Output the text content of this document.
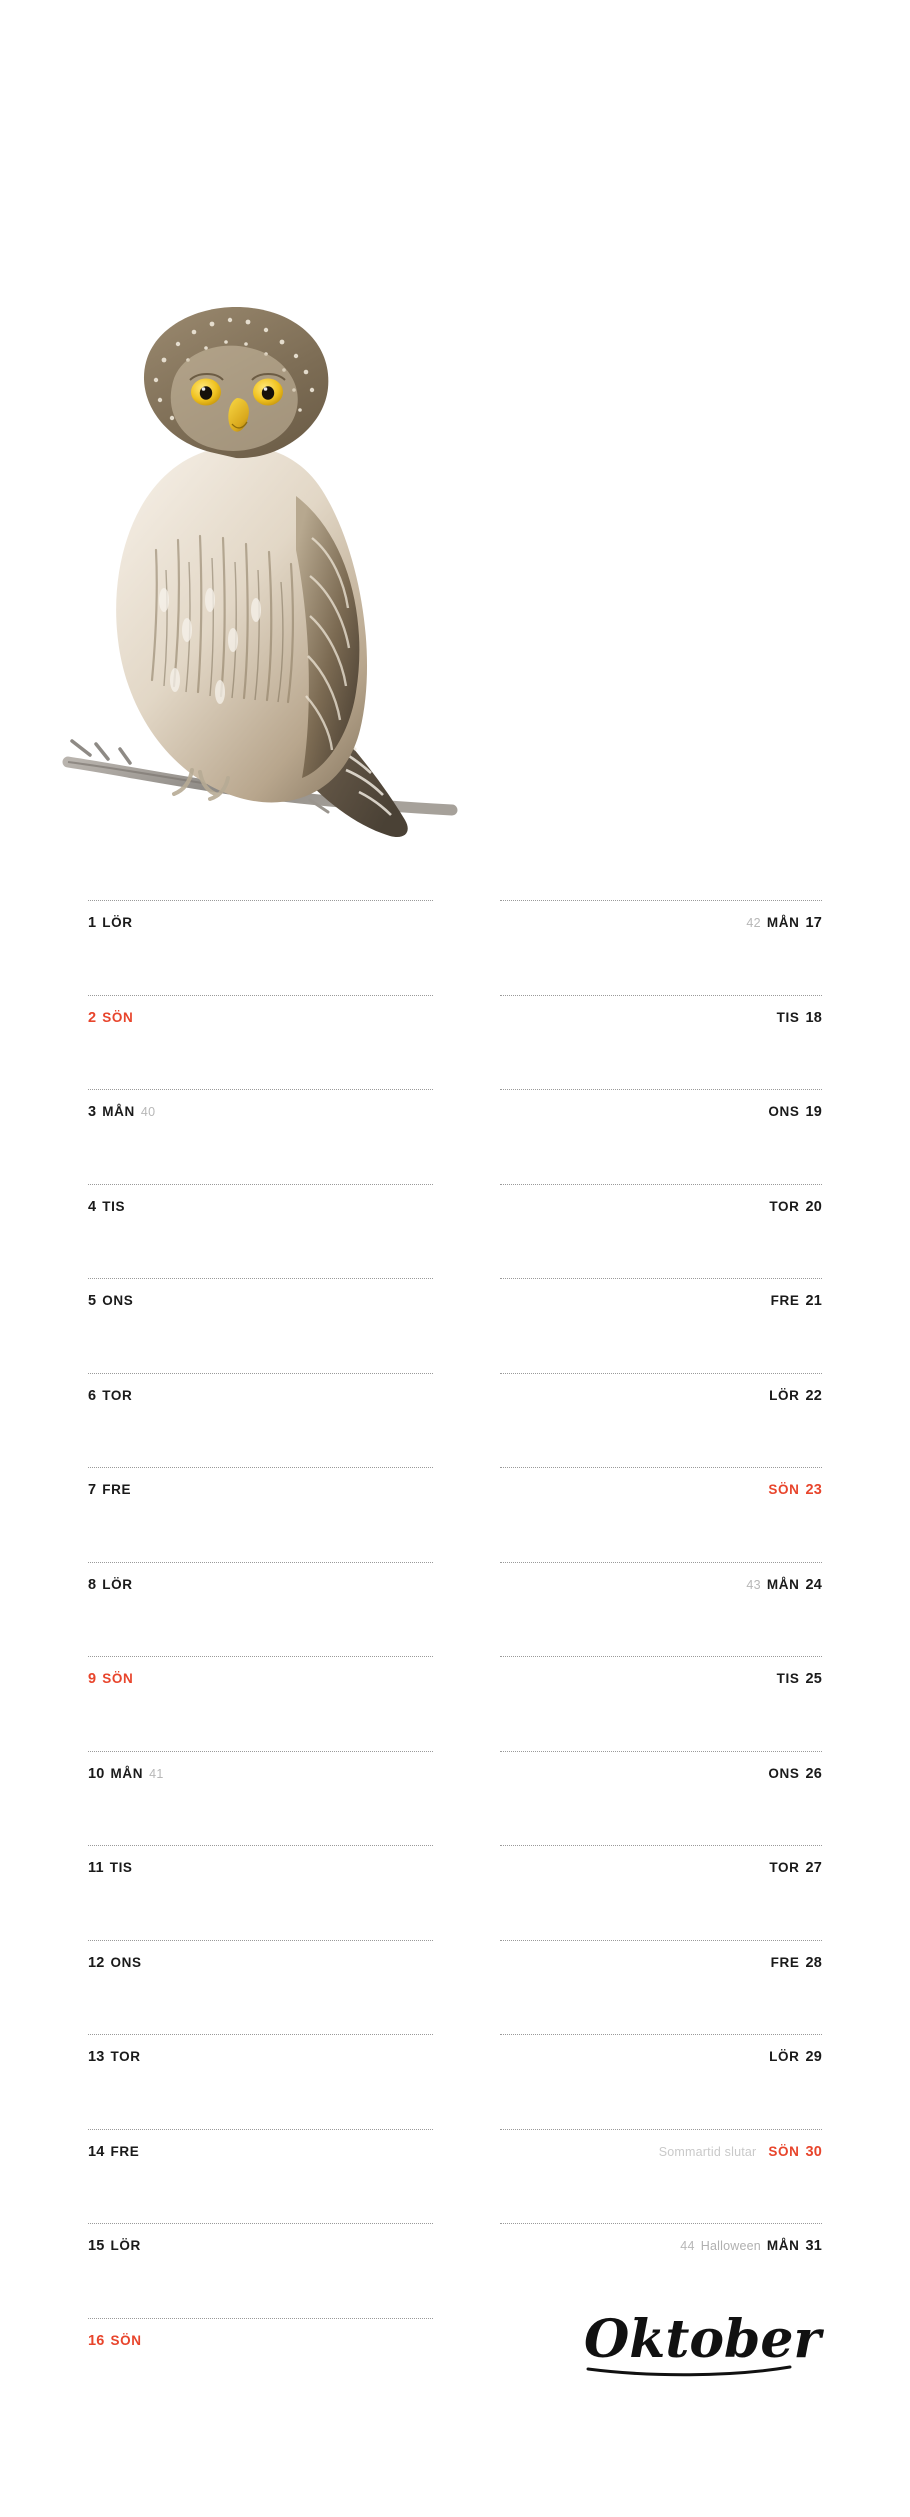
1 LÖR
2 SÖN
3 MÅN 40
4 TIS
5 ONS
6 TOR
7 FRE
8 LÖR
9 SÖN
10 MÅN 41
11 TIS
12 ONS
13 TOR
14 FRE
15 LÖR
16 SÖN
42 MÅN 17
TIS 18
ONS 19
TOR 20
FRE 21
LÖR 22
SÖN 23
43 MÅN 24
TIS 25
ONS 26
TOR 27
FRE 28
LÖR 29
Sommartid slutar SÖN 30
44 Halloween MÅN 31
Oktober
